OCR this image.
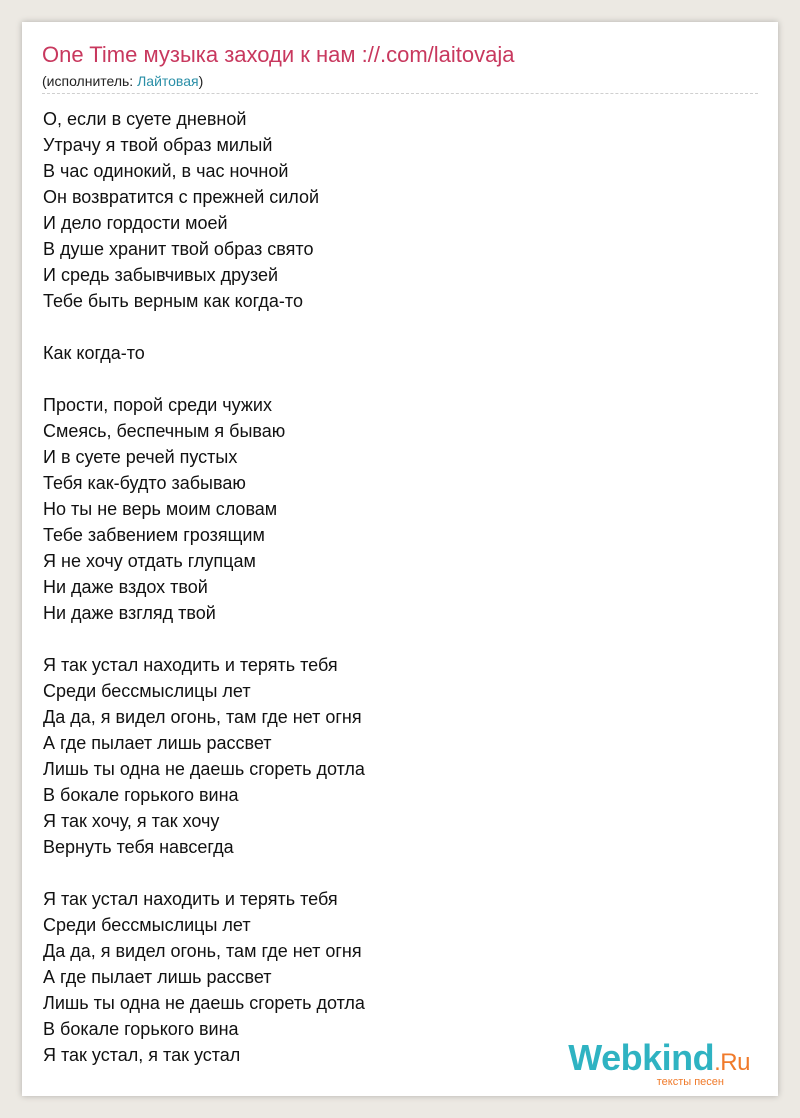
One Time музыка заходи к нам ://.com/laitovaja
(исполнитель: Лайтовая)
О, если в суете дневной
Утрачу я твой образ милый
В час одинокий, в час ночной
Он возвратится с прежней силой
И дело гордости моей
В душе хранит твой образ свято
И средь забывчивых друзей
Тебе быть верным как когда-то
Как когда-то
Прости, порой среди чужих
Смеясь, беспечным я бываю
И в суете речей пустых
Тебя как-будто забываю
Но ты не верь моим словам
Тебе забвением грозящим
Я не хочу отдать глупцам
Ни даже вздох твой
Ни даже взгляд твой
Я так устал находить и терять тебя
Среди бессмыслицы лет
Да да, я видел огонь, там где нет огня
А где пылает лишь рассвет
Лишь ты одна не даешь сгореть дотла
В бокале горького вина
Я так хочу, я так хочу
Вернуть тебя навсегда
Я так устал находить и терять тебя
Среди бессмыслицы лет
Да да, я видел огонь, там где нет огня
А где пылает лишь рассвет
Лишь ты одна не даешь сгореть дотла
В бокале горького вина
Я так устал, я так устал	Webkind.Ru
тексты песен
